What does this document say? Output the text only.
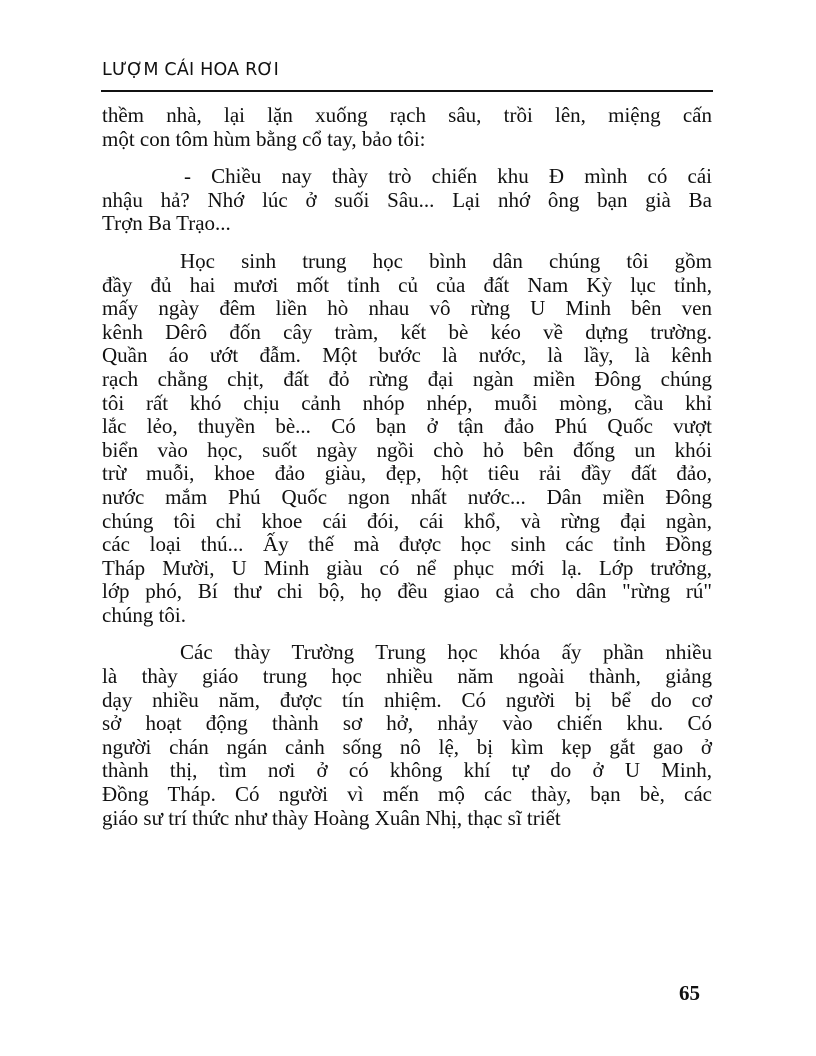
LƯỢM CÁI HOA RƠI
thềm nhà, lại lặn xuống rạch sâu, trồi lên, miệng cấn
một con tôm hùm bằng cổ tay, bảo tôi:
- Chiều nay thày trò chiến khu Đ mình có cái
nhậu hả? Nhớ lúc ở suối Sâu... Lại nhớ ông bạn già Ba
Trợn Ba Trạo...
Học sinh trung học bình dân chúng tôi gồm
đầy đủ hai mươi mốt tỉnh củ của đất Nam Kỳ lục tỉnh,
mấy ngày đêm liền hò nhau vô rừng U Minh bên ven
kênh Dêrô đốn cây tràm, kết bè kéo về dựng trường.
Quần áo ướt đẫm. Một bước là nước, là lầy, là kênh
rạch chằng chịt, đất đỏ rừng đại ngàn miền Đông chúng
tôi rất khó chịu cảnh nhóp nhép, muỗi mòng, cầu khỉ
lắc lẻo, thuyền bè... Có bạn ở tận đảo Phú Quốc vượt
biển vào học, suốt ngày ngồi chò hỏ bên đống un khói
trừ muỗi, khoe đảo giàu, đẹp, hột tiêu rải đầy đất đảo,
nước mắm Phú Quốc ngon nhất nước... Dân miền Đông
chúng tôi chỉ khoe cái đói, cái khổ, và rừng đại ngàn,
các loại thú... Ấy thế mà được học sinh các tỉnh Đồng
Tháp Mười, U Minh giàu có nể phục mới lạ. Lớp trưởng,
lớp phó, Bí thư chi bộ, họ đều giao cả cho dân "rừng rú"
chúng tôi.
Các thày Trường Trung học khóa ấy phần nhiều
là thày giáo trung học nhiều năm ngoài thành, giảng
dạy nhiều năm, được tín nhiệm. Có người bị bể do cơ
sở hoạt động thành sơ hở, nhảy vào chiến khu. Có
người chán ngán cảnh sống nô lệ, bị kìm kẹp gắt gao ở
thành thị, tìm nơi ở có không khí tự do ở U Minh,
Đồng Tháp. Có người vì mến mộ các thày, bạn bè, các
giáo sư trí thức như thày Hoàng Xuân Nhị, thạc sĩ triết
65
